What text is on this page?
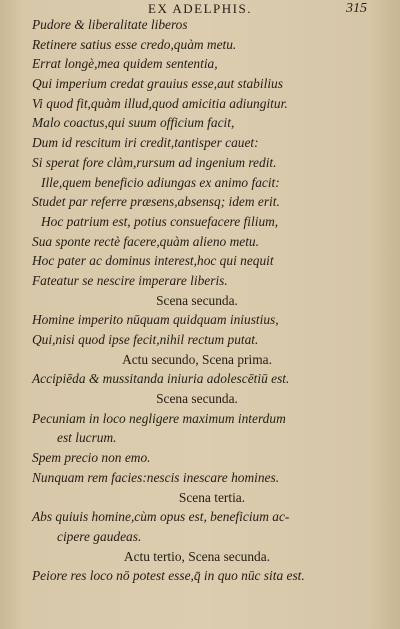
EX ADELPHIS.	315
Pudore & liberalitate liberos
Retinere satius esse credo,quàm metu.
Errat longè,mea quidem sententia,
Qui imperium credat grauius esse,aut stabilius
Vi quod fit,quàm illud,quod amicitia adiungitur.
Malo coactus,qui suum officium facit,
Dum id rescitum iri credit,tantisper cauet:
Si sperat fore clàm,rursum ad ingenium redit.
Ille,quem beneficio adiungas ex animo facit:
Studet par referre præsens,absensq; idem erit.
Hoc patrium est, potius consuefacere filium,
Sua sponte rectè facere,quàm alieno metu.
Hoc pater ac dominus interest,hoc qui nequit
Fateatur se nescire imperare liberis.
Scena secunda.
Homine imperito nūquam quidquam iniustius,
Qui,nisi quod ipse fecit,nihil rectum putat.
Actu secundo, Scena prima.
Accipiēda & mussitanda iniuria adolescētiū est.
Scena secunda.
Pecuniam in loco negligere maximum interdum
est lucrum.
Spem precio non emo.
Nunquam rem facies:nescis inescare homines.
Scena tertia.
Abs quiuis homine,cùm opus est, beneficium ac-
cipere gaudeas.
Actu tertio, Scena secunda.
Peiore res loco nō potest esse,q̄ in quo nūc sita est.
